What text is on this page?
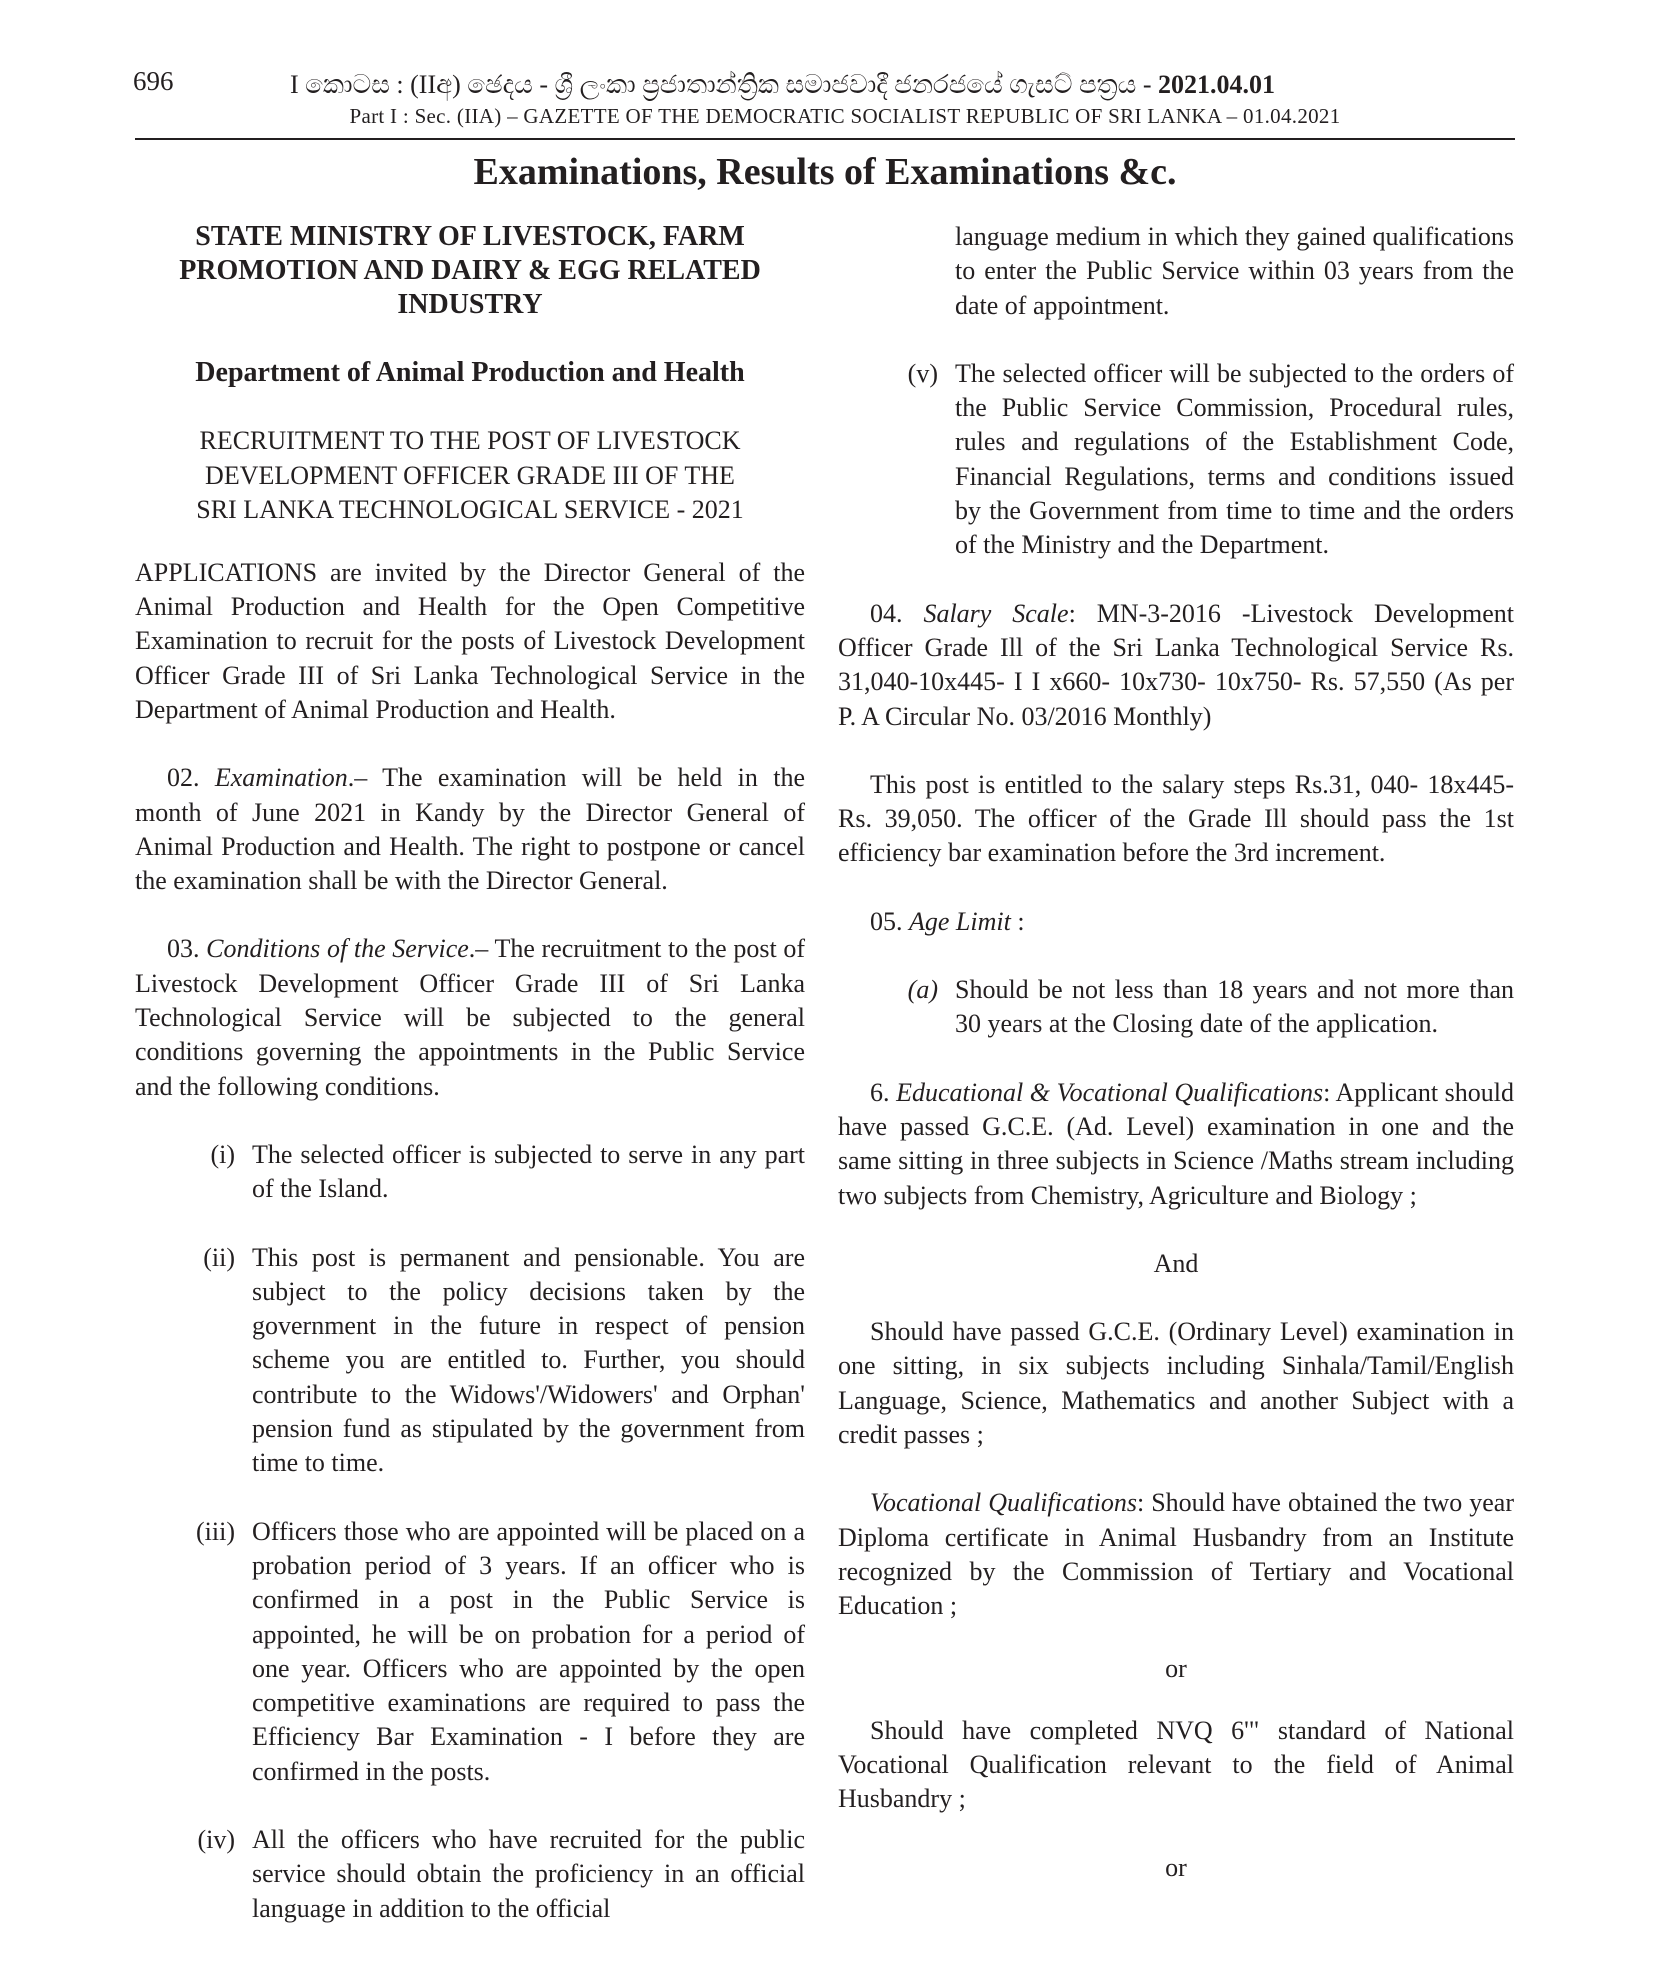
696	I කොටස : (IIඅ) ඡෙදය - ශ්‍රී ලංකා ප්‍රජාතාන්ත්‍රික සමාජවාදී ජනරජයේ ගැසට් පත්‍රය - 2021.04.01
Part I : Sec. (IIA) – GAZETTE OF THE DEMOCRATIC SOCIALIST REPUBLIC OF SRI LANKA – 01.04.2021
Examinations, Results of Examinations &c.

STATE MINISTRY OF LIVESTOCK, FARM PROMOTION AND DAIRY & EGG RELATED INDUSTRY

Department of Animal Production and Health

RECRUITMENT TO THE POST OF LIVESTOCK

DEVELOPMENT OFFICER GRADE III OF THE

SRI LANKA TECHNOLOGICAL SERVICE - 2021

APPLICATIONS are invited by the Director General of the Animal Production and Health for the Open Competitive Examination to recruit for the posts of Livestock Development Officer Grade III of Sri Lanka Technological Service in the Department of Animal Production and Health.

02. Examination.– The examination will be held in the month of June 2021 in Kandy by the Director General of Animal Production and Health. The right to postpone or cancel the examination shall be with the Director General.

03. Conditions of the Service.– The recruitment to the post of Livestock Development Officer Grade III of Sri Lanka Technological Service will be subjected to the general conditions governing the appointments in the Public Service and the following conditions.

(i) The selected officer is subjected to serve in any part of the Island.

(ii) This post is permanent and pensionable. You are subject to the policy decisions taken by the government in the future in respect of pension scheme you are entitled to. Further, you should contribute to the Widows'/Widowers' and Orphan' pension fund as stipulated by the government from time to time.

(iii) Officers those who are appointed will be placed on a probation period of 3 years. If an officer who is confirmed in a post in the Public Service is appointed, he will be on probation for a period of one year. Officers who are appointed by the open competitive examinations are required to pass the Efficiency Bar Examination - I before they are confirmed in the posts.

(iv) All the officers who have recruited for the public service should obtain the proficiency in an official language in addition to the official

language medium in which they gained qualifications to enter the Public Service within 03 years from the date of appointment.

(v) The selected officer will be subjected to the orders of the Public Service Commission, Procedural rules, rules and regulations of the Establishment Code, Financial Regulations, terms and conditions issued by the Government from time to time and the orders of the Ministry and the Department.

04. Salary Scale: MN-3-2016 -Livestock Development Officer Grade Ill of the Sri Lanka Technological Service Rs. 31,040-10x445- I I x660- 10x730- 10x750- Rs. 57,550 (As per P. A Circular No. 03/2016 Monthly)

This post is entitled to the salary steps Rs.31, 040- 18x445- Rs. 39,050. The officer of the Grade Ill should pass the 1st efficiency bar examination before the 3rd increment.

05. Age Limit :

(a) Should be not less than 18 years and not more than 30 years at the Closing date of the application.

6. Educational & Vocational Qualifications: Applicant should have passed G.C.E. (Ad. Level) examination in one and the same sitting in three subjects in Science /Maths stream including two subjects from Chemistry, Agriculture and Biology ;

And

Should have passed G.C.E. (Ordinary Level) examination in one sitting, in six subjects including Sinhala/Tamil/English Language, Science, Mathematics and another Subject with a credit passes ;

Vocational Qualifications: Should have obtained the two year Diploma certificate in Animal Husbandry from an Institute recognized by the Commission of Tertiary and Vocational Education ;

or

Should have completed NVQ 6'" standard of National Vocational Qualification relevant to the field of Animal Husbandry ;

or
